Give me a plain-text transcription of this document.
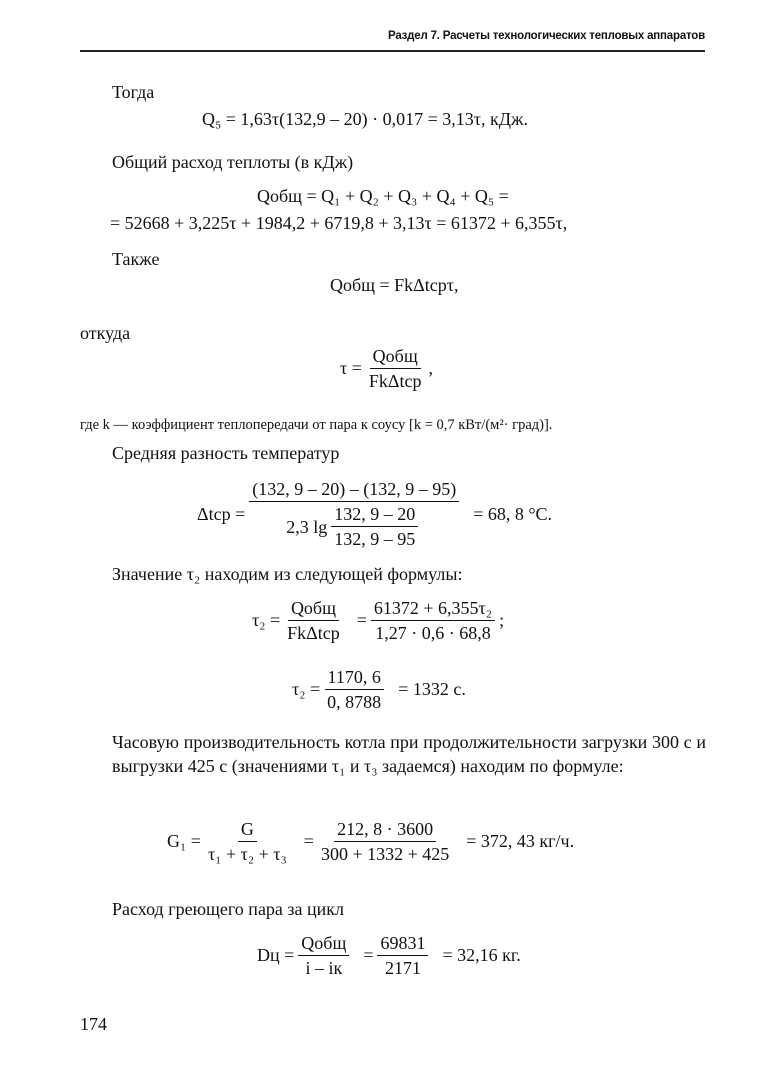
Раздел 7. Расчеты технологических тепловых аппаратов
Тогда
Q₅ = 1,63τ(132,9 – 20) · 0,017 = 3,13τ, кДж.
Общий расход теплоты (в кДж)
Qобщ = Q₁ + Q₂ + Q₃ + Q₄ + Q₅ =
= 52668 + 3,225τ + 1984,2 + 6719,8 + 3,13τ = 61372 + 6,355τ,
Также
Qобщ = FkΔtсрτ,
откуда
$\tau = \frac{\text{Qобщ}}{\text{FkΔtср}}$ ,
где k — коэффициент теплопередачи от пара к соусу [k = 0,7 кВт/(м²· град)].
Средняя разность температур
$\Delta tср = \frac{(132, 9 - 20) - (132, 9 - 95)}{2,3 \lg \frac{132, 9 - 20}{132, 9 - 95}} = 68$, 8 °C.
Значение τ₂ находим из следующей формулы:
$\tau_2 = \frac{\text{Qобщ}}{\text{FkΔtср}} = \frac{\text{61372 + 6,355τ₂}}{1,27 \cdot 0,6 \cdot 68,8}$ ;
$\tau_2 = \frac{1170, 6}{0, 8788} = 1332$ с.
Часовую производительность котла при продолжительности загрузки 300 с и выгрузки 425 с (значениями τ₁ и τ₃ задаемся) находим по формуле:
$G_1 = \frac{G}{\text{τ₁ + τ₂ + τ₃}} = \frac{212, 8 \cdot 3600}{300 + 1332 + 425} = 372$, 43 кг/ч.
Расход греющего пара за цикл
Dц = $\frac{\text{Qобщ}}{i - iк} = \frac{69831}{2171} = 32,16$ кг.
174
